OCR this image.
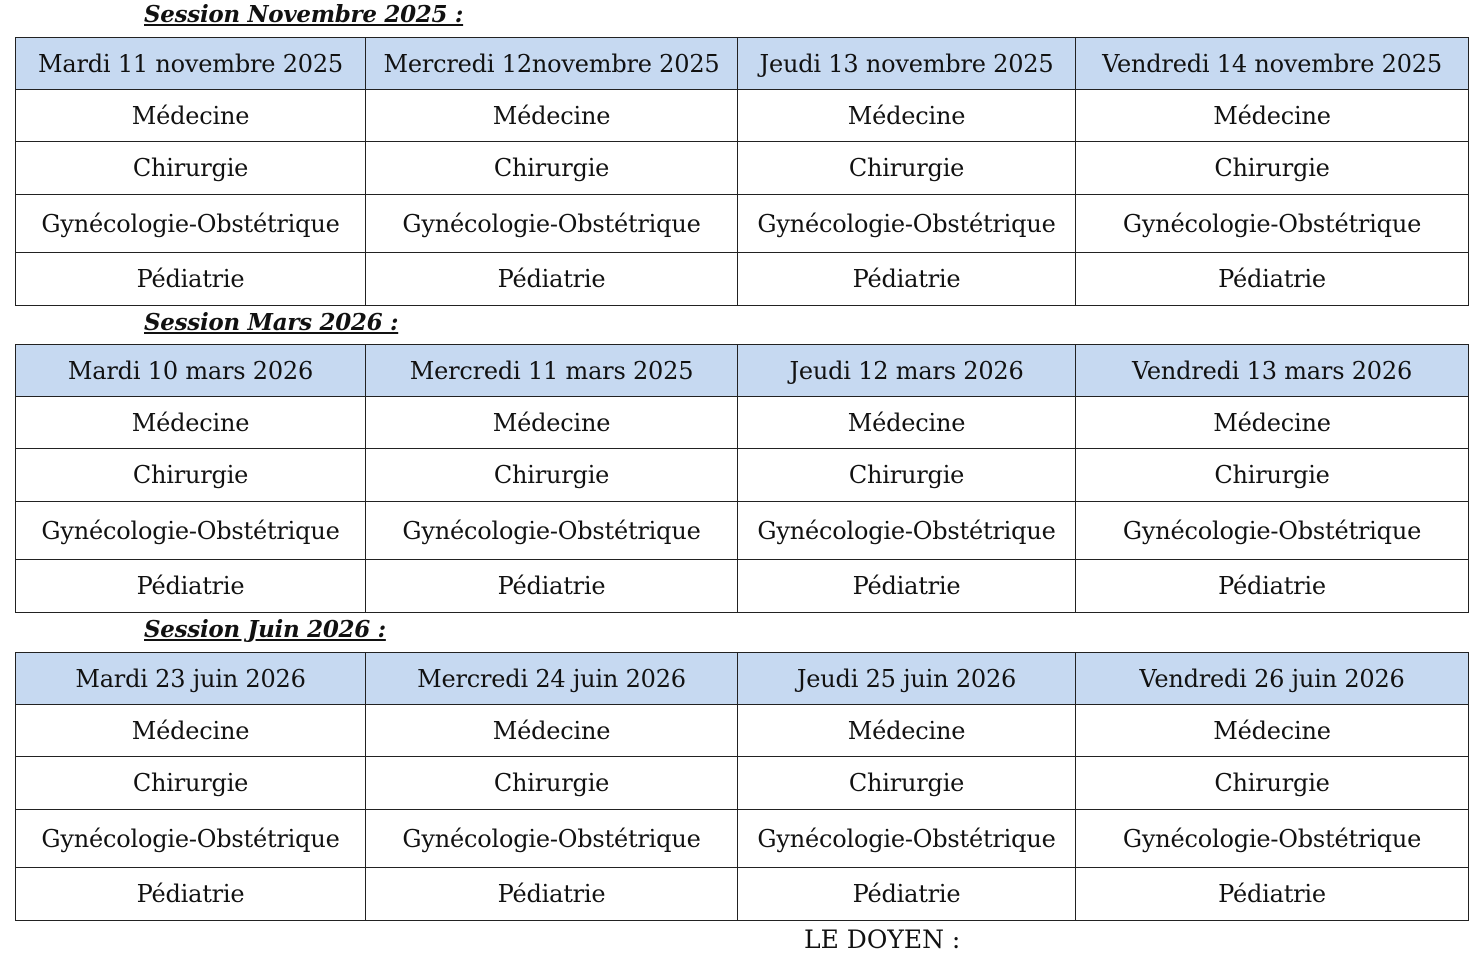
Session Novembre 2025 :
Mardi 11 novembre 2025	Mercredi 12novembre 2025	Jeudi 13 novembre 2025	Vendredi 14 novembre 2025
Médecine	Médecine	Médecine	Médecine
Chirurgie	Chirurgie	Chirurgie	Chirurgie
Gynécologie-Obstétrique	Gynécologie-Obstétrique	Gynécologie-Obstétrique	Gynécologie-Obstétrique
Pédiatrie	Pédiatrie	Pédiatrie	Pédiatrie
Session Mars 2026 :
Mardi 10 mars 2026	Mercredi 11 mars 2025	Jeudi 12 mars 2026	Vendredi 13 mars 2026
Médecine	Médecine	Médecine	Médecine
Chirurgie	Chirurgie	Chirurgie	Chirurgie
Gynécologie-Obstétrique	Gynécologie-Obstétrique	Gynécologie-Obstétrique	Gynécologie-Obstétrique
Pédiatrie	Pédiatrie	Pédiatrie	Pédiatrie
Session Juin 2026 :
Mardi 23 juin 2026	Mercredi 24 juin 2026	Jeudi 25 juin 2026	Vendredi 26 juin 2026
Médecine	Médecine	Médecine	Médecine
Chirurgie	Chirurgie	Chirurgie	Chirurgie
Gynécologie-Obstétrique	Gynécologie-Obstétrique	Gynécologie-Obstétrique	Gynécologie-Obstétrique
Pédiatrie	Pédiatrie	Pédiatrie	Pédiatrie
LE DOYEN :
